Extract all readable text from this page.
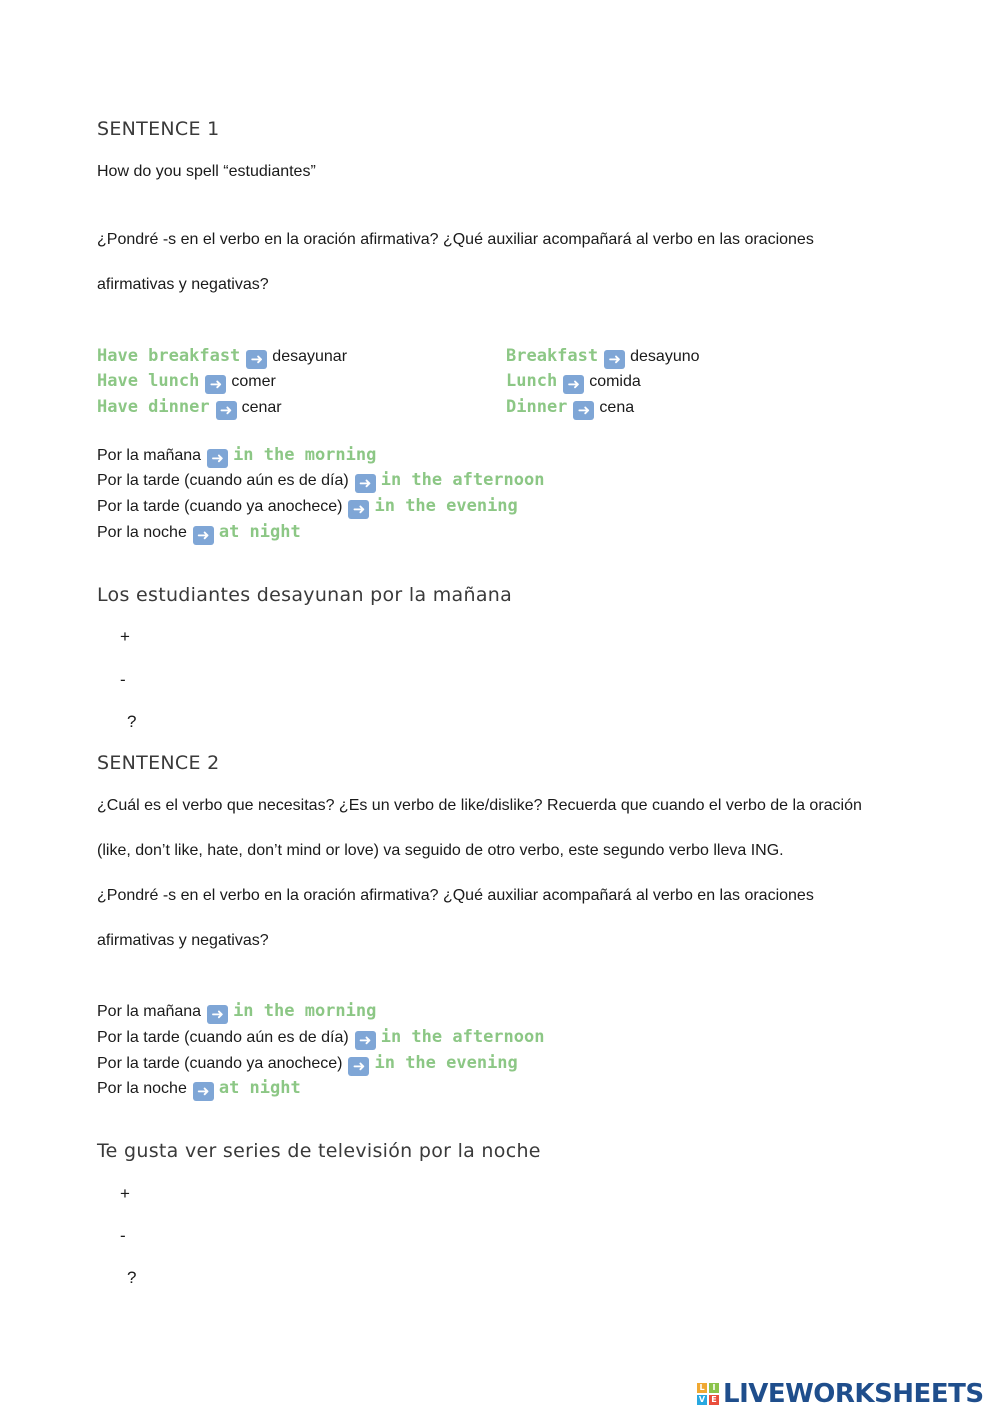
SENTENCE 1
How do you spell “estudiantes”
¿Pondré -s en el verbo en la oración afirmativa? ¿Qué auxiliar acompañará al verbo en las oraciones
afirmativas y negativas?
Have breakfast ➜ desayunar
Have lunch ➜ comer
Have dinner ➜ cenar
Breakfast ➜ desayuno
Lunch ➜ comida
Dinner ➜ cena
Por la mañana ➜ in the morning
Por la tarde (cuando aún es de día) ➜ in the afternoon
Por la tarde (cuando ya anochece) ➜ in the evening
Por la noche ➜ at night
Los estudiantes desayunan por la mañana
+
-
?
SENTENCE 2
¿Cuál es el verbo que necesitas? ¿Es un verbo de like/dislike? Recuerda que cuando el verbo de la oración
(like, don’t like, hate, don’t mind or love) va seguido de otro verbo, este segundo verbo lleva ING.
¿Pondré -s en el verbo en la oración afirmativa? ¿Qué auxiliar acompañará al verbo en las oraciones
afirmativas y negativas?
Por la mañana ➜ in the morning
Por la tarde (cuando aún es de día) ➜ in the afternoon
Por la tarde (cuando ya anochece) ➜ in the evening
Por la noche ➜ at night
Te gusta ver series de televisión por la noche
+
-
?
L I
V E LIVEWORKSHEETS
